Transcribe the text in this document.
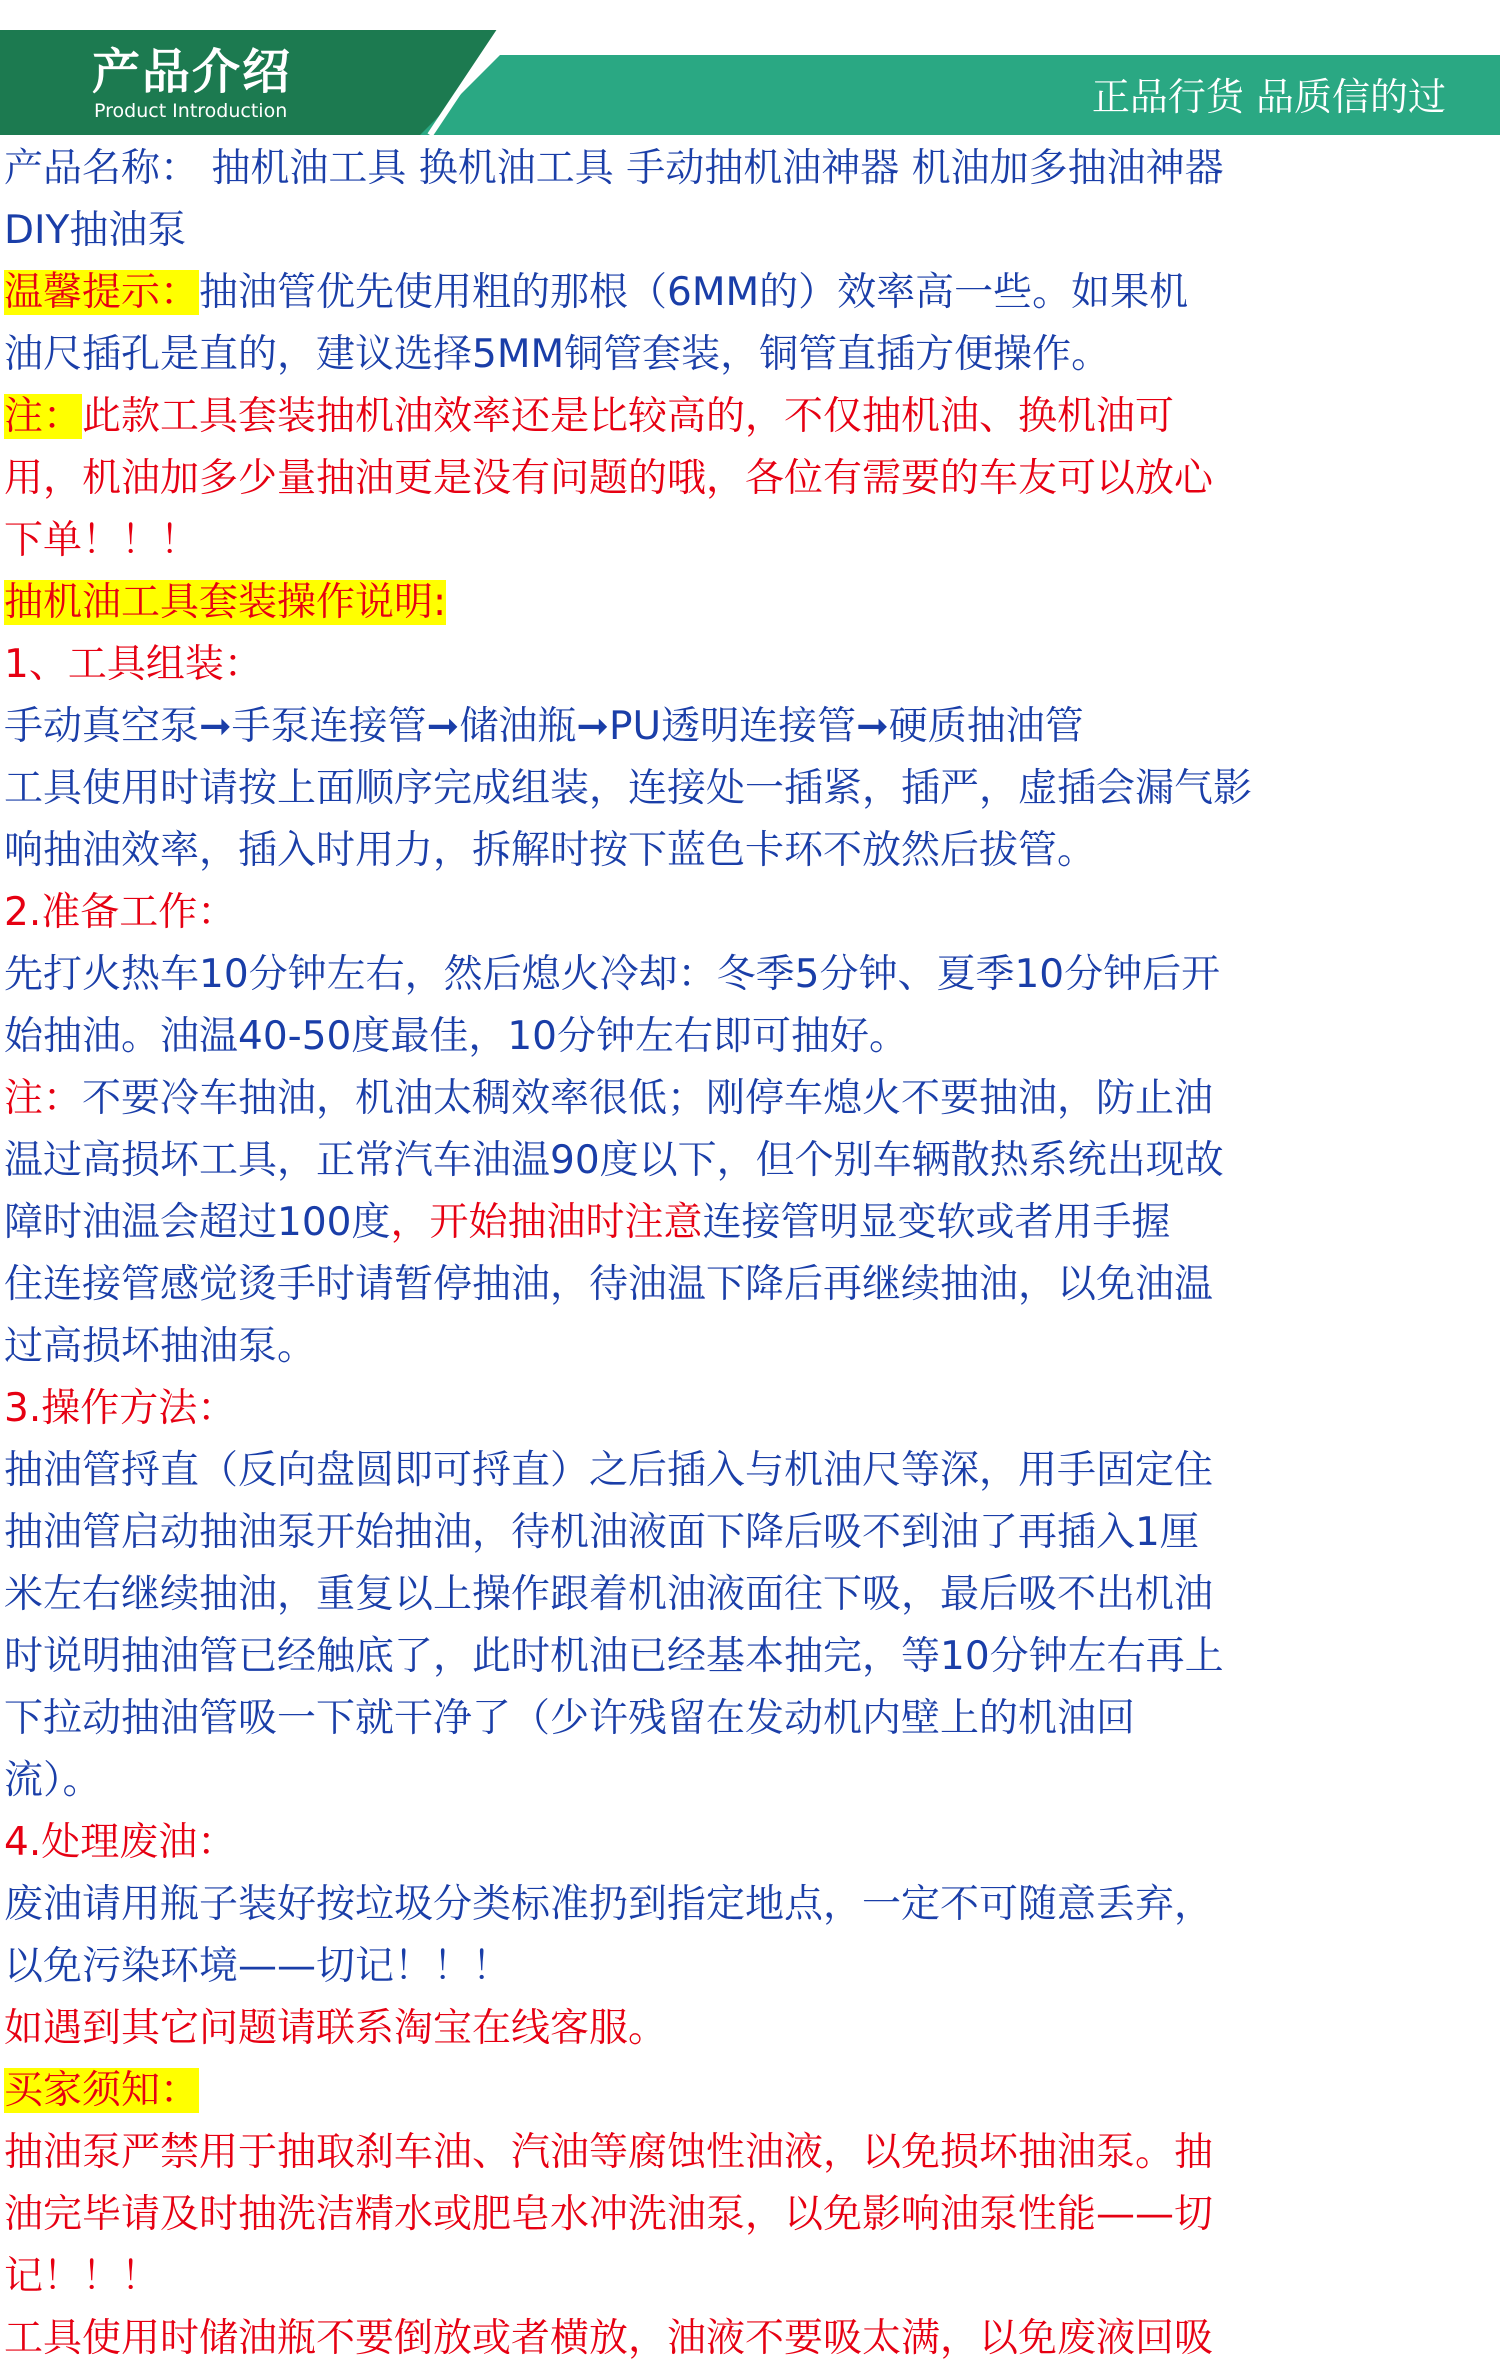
产品介绍
Product Introduction	正品行货 品质信的过
产品名称： 抽机油工具 换机油工具 手动抽机油神器 机油加多抽油神器
DIY抽油泵
温馨提示：抽油管优先使用粗的那根（6MM的）效率高一些。如果机
油尺插孔是直的，建议选择5MM铜管套装，铜管直插方便操作。
注：此款工具套装抽机油效率还是比较高的，不仅抽机油、换机油可
用，机油加多少量抽油更是没有问题的哦，各位有需要的车友可以放心
下单！！！
抽机油工具套装操作说明:
1、工具组装：
手动真空泵➞手泵连接管➞储油瓶➞PU透明连接管➞硬质抽油管
工具使用时请按上面顺序完成组装，连接处一插紧，插严，虚插会漏气影
响抽油效率，插入时用力，拆解时按下蓝色卡环不放然后拔管。
2.准备工作：
先打火热车10分钟左右，然后熄火冷却：冬季5分钟、夏季10分钟后开
始抽油。油温40-50度最佳，10分钟左右即可抽好。
注：不要冷车抽油，机油太稠效率很低；刚停车熄火不要抽油，防止油
温过高损坏工具，正常汽车油温90度以下，但个别车辆散热系统出现故
障时油温会超过100度，开始抽油时注意连接管明显变软或者用手握
住连接管感觉烫手时请暂停抽油，待油温下降后再继续抽油，以免油温
过高损坏抽油泵。
3.操作方法：
抽油管捋直（反向盘圆即可捋直）之后插入与机油尺等深，用手固定住
抽油管启动抽油泵开始抽油，待机油液面下降后吸不到油了再插入1厘
米左右继续抽油，重复以上操作跟着机油液面往下吸，最后吸不出机油
时说明抽油管已经触底了，此时机油已经基本抽完，等10分钟左右再上
下拉动抽油管吸一下就干净了（少许残留在发动机内壁上的机油回
流）。
4.处理废油：
废油请用瓶子装好按垃圾分类标准扔到指定地点，一定不可随意丢弃，
以免污染环境——切记！！！
如遇到其它问题请联系淘宝在线客服。
买家须知：
抽油泵严禁用于抽取刹车油、汽油等腐蚀性油液，以免损坏抽油泵。抽
油完毕请及时抽洗洁精水或肥皂水冲洗油泵，以免影响油泵性能——切
记！！！
工具使用时储油瓶不要倒放或者横放，油液不要吸太满，以免废液回吸
